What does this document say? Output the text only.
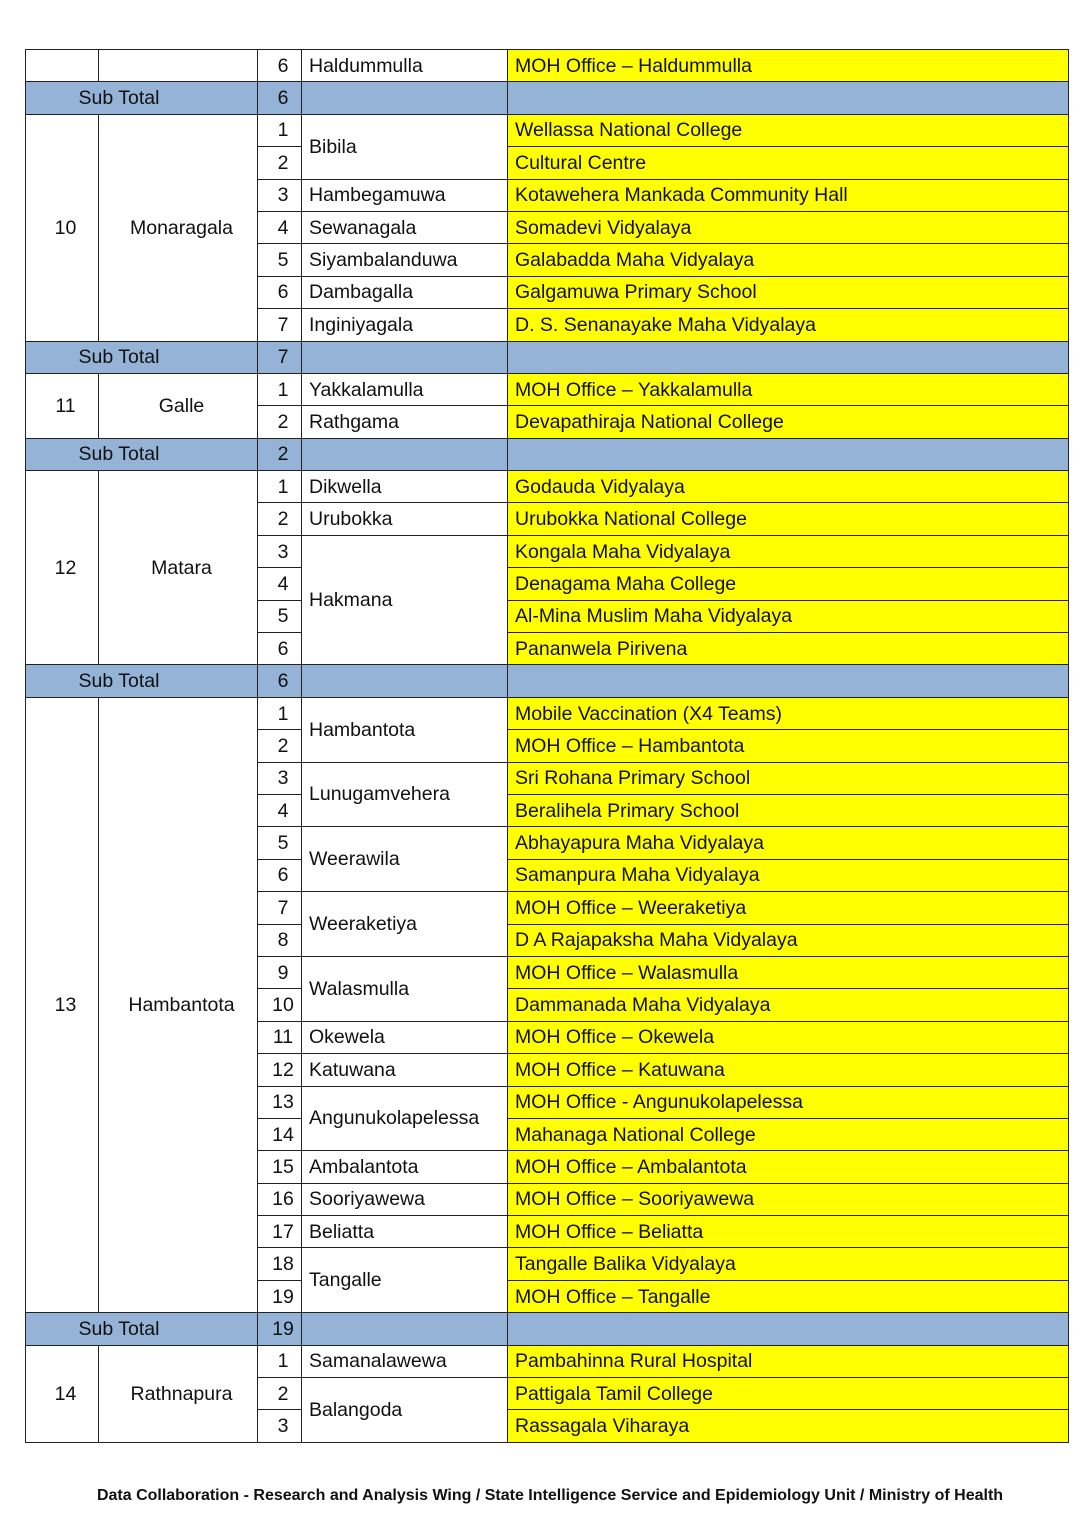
		6	Haldummulla	MOH Office – Haldummulla
Sub Total		6		
10	Monaragala	1	Bibila	Wellassa National College
		2		Cultural Centre
		3	Hambegamuwa	Kotawehera Mankada Community Hall
		4	Sewanagala	Somadevi Vidyalaya
		5	Siyambalanduwa	Galabadda Maha Vidyalaya
		6	Dambagalla	Galgamuwa Primary School
		7	Inginiyagala	D. S. Senanayake Maha Vidyalaya
Sub Total		7		
11	Galle	1	Yakkalamulla	MOH Office – Yakkalamulla
		2	Rathgama	Devapathiraja National College
Sub Total		2		
12	Matara	1	Dikwella	Godauda Vidyalaya
		2	Urubokka	Urubokka National College
		3	Hakmana	Kongala Maha Vidyalaya
		4		Denagama Maha College
		5		Al-Mina Muslim Maha Vidyalaya
		6		Pananwela Pirivena
Sub Total		6		
13	Hambantota	1	Hambantota	Mobile Vaccination (X4 Teams)
		2		MOH Office – Hambantota
		3	Lunugamvehera	Sri Rohana Primary School
		4		Beralihela Primary School
		5	Weerawila	Abhayapura Maha Vidyalaya
		6		Samanpura Maha Vidyalaya
		7	Weeraketiya	MOH Office – Weeraketiya
		8		D A Rajapaksha Maha Vidyalaya
		9	Walasmulla	MOH Office – Walasmulla
		10		Dammanada Maha Vidyalaya
		11	Okewela	MOH Office – Okewela
		12	Katuwana	MOH Office – Katuwana
		13	Angunukolapelessa	MOH Office - Angunukolapelessa
		14		Mahanaga National College
		15	Ambalantota	MOH Office – Ambalantota
		16	Sooriyawewa	MOH Office – Sooriyawewa
		17	Beliatta	MOH Office – Beliatta
		18	Tangalle	Tangalle Balika Vidyalaya
		19		MOH Office – Tangalle
Sub Total		19		
14	Rathnapura	1	Samanalawewa	Pambahinna Rural Hospital
		2	Balangoda	Pattigala Tamil College
		3		Rassagala Viharaya
Data Collaboration - Research and Analysis Wing / State Intelligence Service and Epidemiology Unit / Ministry of Health
